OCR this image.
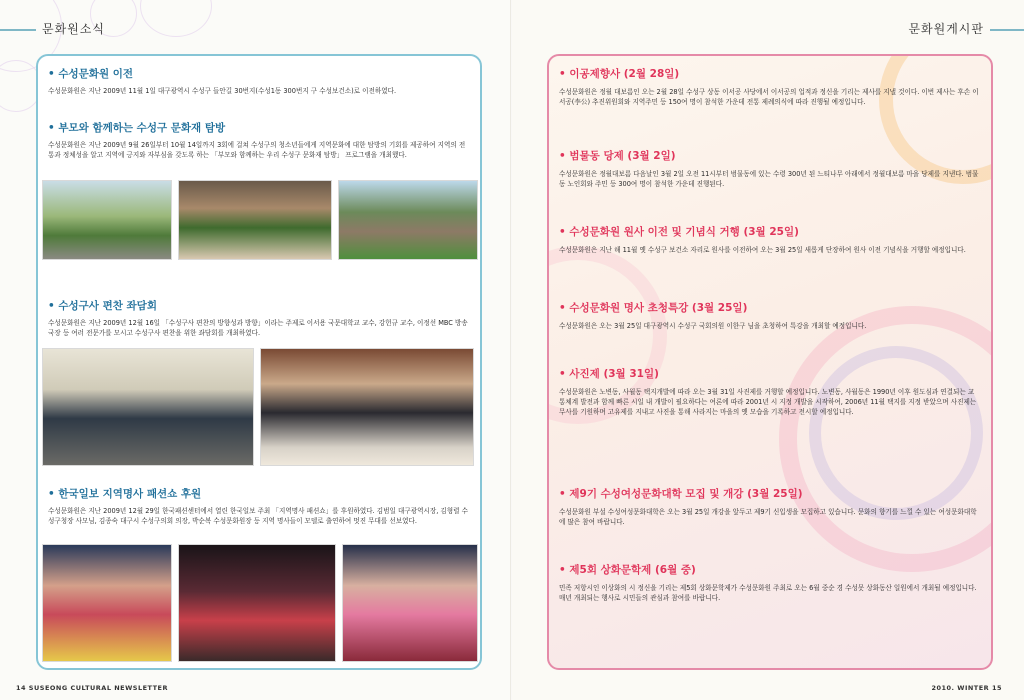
문화원소식

• 수성문화원 이전

수성문화원은 지난 2009년 11월 1일 대구광역시 수성구 들안길 30번지(수성1동 300번지 구 수성보건소)로 이전하였다.

• 부모와 함께하는 수성구 문화재 탐방

수성문화원은 지난 2009년 9월 26일부터 10월 14일까지 3회에 걸쳐 수성구의 청소년들에게 지역문화에 대한 탐방의 기회를 제공하여 지역의 전통과 정체성을 알고 지역에 긍지와 자부심을 갖도록 하는 「부모와 함께하는 우리 수성구 문화재 탐방」 프로그램을 개최했다.

• 수성구사 편찬 좌담회

수성문화원은 지난 2009년 12월 16일 「수성구사 편찬의 방향성과 방향」이라는 주제로 이서용 국문대학교 교수, 강헌규 교수, 이정선 MBC 방송국장 등 여러 전문가를 모시고 수성구사 편찬을 위한 좌담회를 개최하였다.

• 한국일보 지역명사 패션쇼 후원

수성문화원은 지난 2009년 12월 29일 한국패션센터에서 열린 한국일보 주최 「지역명사 패션쇼」를 후원하였다. 김범일 대구광역시장, 김형렬 수성구청장 사모님, 김종숙 대구시 수성구의회 의장, 박순복 수성문화원장 등 지역 명사들이 모델로 출연하여 멋진 무대를 선보였다.

14 SUSEONG CULTURAL NEWSLETTER
문화원게시판

• 이공제향사 (2월 28일)

수성문화원은 정월 대보름인 오는 2월 28일 수성구 상동 이서공 사당에서 이서공의 업적과 정신을 기리는 제사를 지낼 것이다. 이번 제사는 후손 이서공(李公) 추진위원회와 지역주민 등 150여 명이 참석한 가운데 전통 제례의식에 따라 진행될 예정입니다.

• 범물동 당제 (3월 2일)

수성문화원은 정월대보름 다음날인 3월 2일 오전 11시부터 범물동에 있는 수령 300년 된 느티나무 아래에서 정월대보름 마을 당제를 지낸다. 범물동 노인회와 주민 등 300여 명이 참석한 가운데 진행된다.

• 수성문화원 원사 이전 및 기념식 거행 (3월 25일)

수성문화원은 지난 해 11월 옛 수성구 보건소 자리로 원사를 이전하여 오는 3월 25일 새롭게 단장하여 원사 이전 기념식을 거행할 예정입니다.

• 수성문화원 명사 초청특강 (3월 25일)

수성문화원은 오는 3월 25일 대구광역시 수성구 국회의원 이한구 님을 초청하여 특강을 개최할 예정입니다.

• 사진제 (3월 31일)

수성문화원은 노변동, 사월동 택지개발에 따라 오는 3월 31일 사진제를 거행할 예정입니다. 노변동, 사월동은 1990년 이후 원도심과 연결되는 교통체계 발전과 함께 빠른 시일 내 개발이 필요하다는 여론에 따라 2001년 시 지정 개발을 시작하여, 2006년 11월 택지를 지정 받았으며 사진제는 무사를 기원하며 고유제를 지내고 사진을 통해 사라지는 마을의 옛 모습을 기록하고 전시할 예정입니다.

• 제9기 수성여성문화대학 모집 및 개강 (3월 25일)

수성문화원 부설 수성여성문화대학은 오는 3월 25일 개강을 앞두고 제9기 신입생을 모집하고 있습니다. 문화의 향기를 느낄 수 있는 여성문화대학에 많은 참여 바랍니다.

• 제5회 상화문학제 (6월 중)

민족 저항시인 이상화의 시 정신을 기리는 제5회 상화문학제가 수성문화원 주최로 오는 6월 중순 경 수성못 상화동산 일원에서 개최될 예정입니다. 매년 개최되는 행사로 시민들의 관심과 참여를 바랍니다.

2010. WINTER 15
